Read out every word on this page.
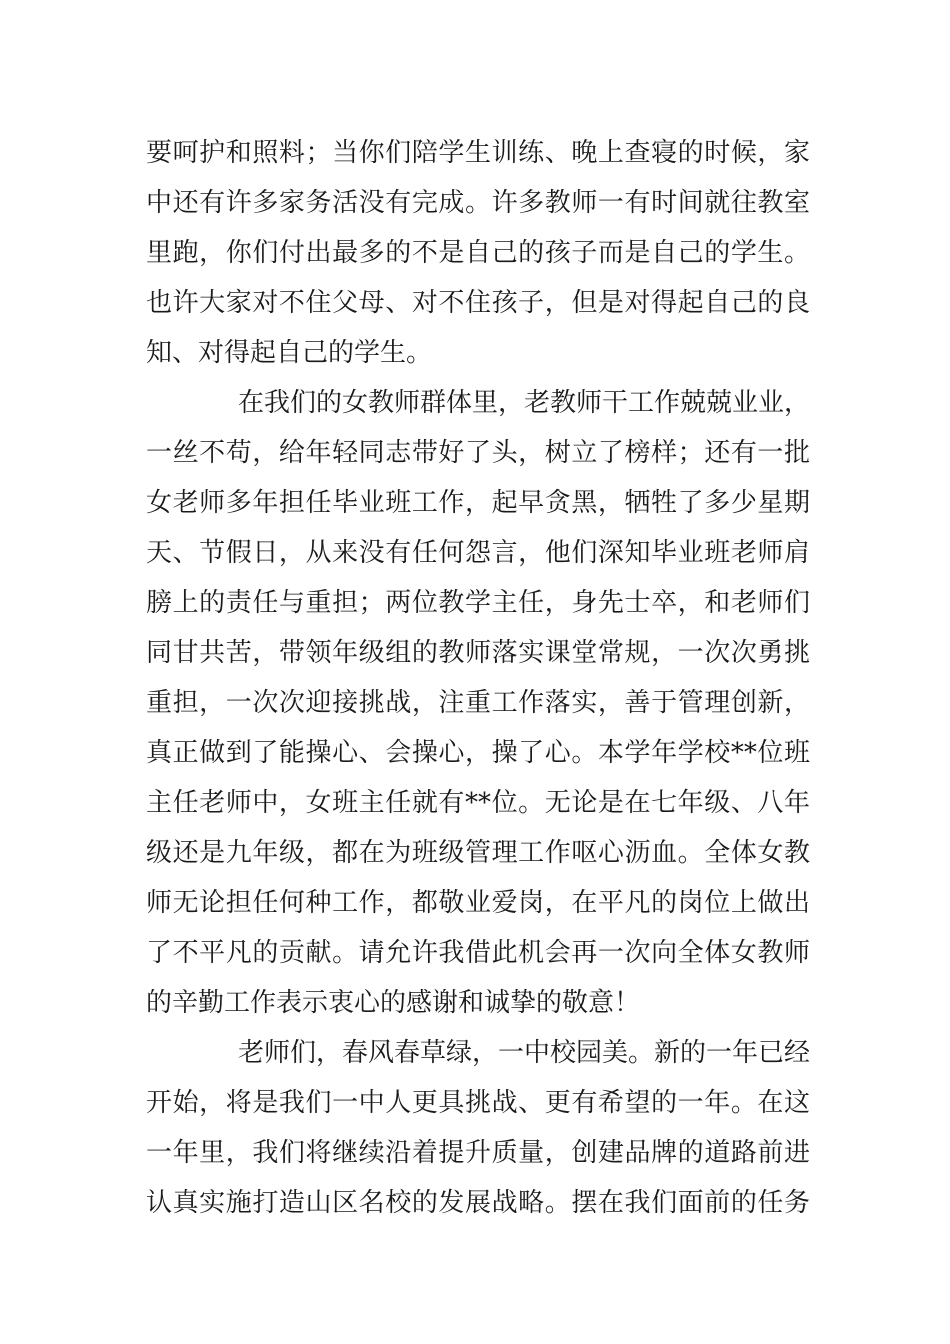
要呵护和照料；当你们陪学生训练、晚上查寝的时候，家
中还有许多家务活没有完成。许多教师一有时间就往教室
里跑，你们付出最多的不是自己的孩子而是自己的学生。
也许大家对不住父母、对不住孩子，但是对得起自己的良
知、对得起自己的学生。
在我们的女教师群体里，老教师干工作兢兢业业，
一丝不苟，给年轻同志带好了头，树立了榜样；还有一批
女老师多年担任毕业班工作，起早贪黑，牺牲了多少星期
天、节假日，从来没有任何怨言，他们深知毕业班老师肩
膀上的责任与重担；两位教学主任，身先士卒，和老师们
同甘共苦，带领年级组的教师落实课堂常规，一次次勇挑
重担，一次次迎接挑战，注重工作落实，善于管理创新，
真正做到了能操心、会操心，操了心。本学年学校**位班
主任老师中，女班主任就有**位。无论是在七年级、八年
级还是九年级，都在为班级管理工作呕心沥血。全体女教
师无论担任何种工作，都敬业爱岗，在平凡的岗位上做出
了不平凡的贡献。请允许我借此机会再一次向全体女教师
的辛勤工作表示衷心的感谢和诚挚的敬意！
老师们，春风春草绿，一中校园美。新的一年已经
开始，将是我们一中人更具挑战、更有希望的一年。在这
一年里，我们将继续沿着提升质量，创建品牌的道路前进
认真实施打造山区名校的发展战略。摆在我们面前的任务
